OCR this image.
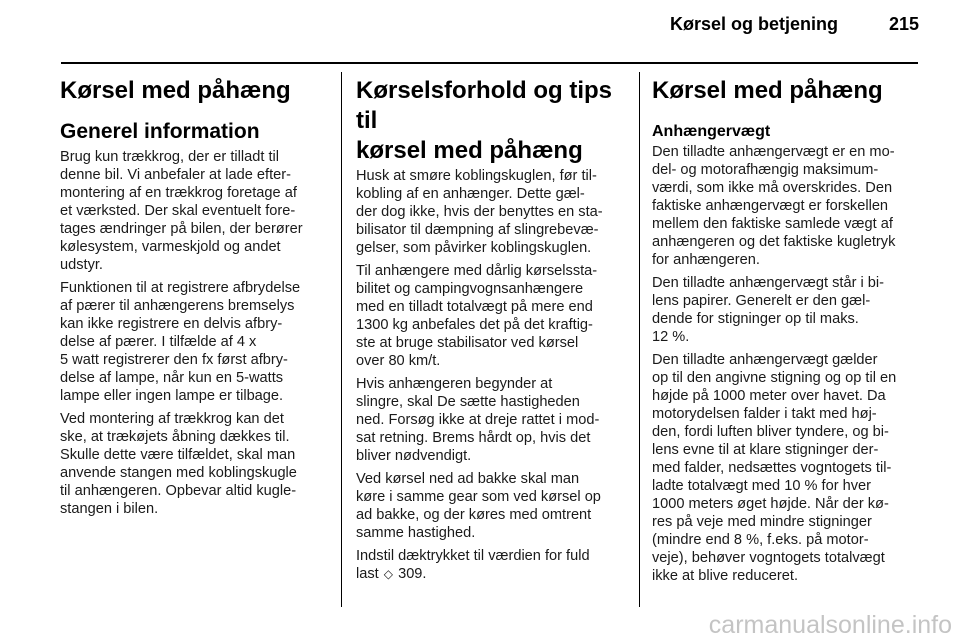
Kørsel og betjening	215
Kørsel med påhæng
Generel information
Brug kun trækkrog, der er tilladt til
denne bil. Vi anbefaler at lade efter-
montering af en trækkrog foretage af
et værksted. Der skal eventuelt fore-
tages ændringer på bilen, der berører
kølesystem, varmeskjold og andet
udstyr.
Funktionen til at registrere afbrydelse
af pærer til anhængerens bremselys
kan ikke registrere en delvis afbry-
delse af pærer. I tilfælde af 4 x
5 watt registrerer den fx først afbry-
delse af lampe, når kun en 5-watts
lampe eller ingen lampe er tilbage.
Ved montering af trækkrog kan det
ske, at trækøjets åbning dækkes til.
Skulle dette være tilfældet, skal man
anvende stangen med koblingskugle
til anhængeren. Opbevar altid kugle-
stangen i bilen.
Kørselsforhold og tips til
kørsel med påhæng
Husk at smøre koblingskuglen, før til-
kobling af en anhænger. Dette gæl-
der dog ikke, hvis der benyttes en sta-
bilisator til dæmpning af slingrebevæ-
gelser, som påvirker koblingskuglen.
Til anhængere med dårlig kørselssta-
bilitet og campingvognsanhængere
med en tilladt totalvægt på mere end
1300 kg anbefales det på det kraftig-
ste at bruge stabilisator ved kørsel
over 80 km/t.
Hvis anhængeren begynder at
slingre, skal De sætte hastigheden
ned. Forsøg ikke at dreje rattet i mod-
sat retning. Brems hårdt op, hvis det
bliver nødvendigt.
Ved kørsel ned ad bakke skal man
køre i samme gear som ved kørsel op
ad bakke, og der køres med omtrent
samme hastighed.
Indstil dæktrykket til værdien for fuld
last ◇ 309.
Kørsel med påhæng
Anhængervægt
Den tilladte anhængervægt er en mo-
del- og motorafhængig maksimum-
værdi, som ikke må overskrides. Den
faktiske anhængervægt er forskellen
mellem den faktiske samlede vægt af
anhængeren og det faktiske kugletryk
for anhængeren.
Den tilladte anhængervægt står i bi-
lens papirer. Generelt er den gæl-
dende for stigninger op til maks.
12 %.
Den tilladte anhængervægt gælder
op til den angivne stigning og op til en
højde på 1000 meter over havet. Da
motorydelsen falder i takt med høj-
den, fordi luften bliver tyndere, og bi-
lens evne til at klare stigninger der-
med falder, nedsættes vogntogets til-
ladte totalvægt med 10 % for hver
1000 meters øget højde. Når der kø-
res på veje med mindre stigninger
(mindre end 8 %, f.eks. på motor-
veje), behøver vogntogets totalvægt
ikke at blive reduceret.
carmanualsonline.info
